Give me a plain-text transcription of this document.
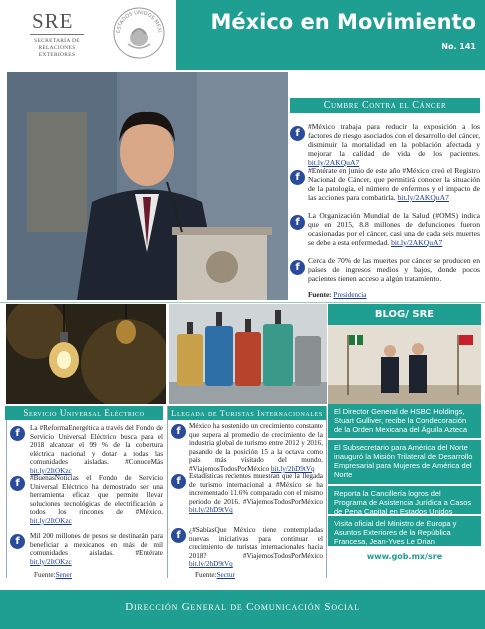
SRE
SECRETARÍA DE RELACIONES EXTERIORES
ESTADOS UNIDOS MEXI	México en Movimiento
No. 141
Cumbre Contra el Cáncer
f
#México trabaja para reducir la exposición a los factores de riesgo asociados con el desarrollo del cáncer, disminuir la mortalidad en la población afectada y mejorar la calidad de vida de los pacientes. bit.ly/2AKQuA7
f
#Entérate en junio de este año #México creó el Registro Nacional de Cáncer, que permitirá conocer la situación de la patología, el número de enfermos y el impacto de las acciones para combatirla. bit.ly/2AKQuA7
f
La Organización Mundial de la Salud (#OMS) indica que en 2015, 8.8 millones de defunciones fueron ocasionadas por el cáncer, casi una de cada seis muertes se debe a esta enfermedad. bit.ly/2AKQuA7
f
Cerca de 70% de las muertes por cáncer se producen en países de ingresos medios y bajos, donde pocos pacientes tienen acceso a algún tratamiento.
Fuente: Presidencia
BLOG/ SRE
El Director General de HSBC Holdings, Stuart Gulliver, recibe la Condecoración de la Orden Mexicana del Águila Azteca
El Subsecretario para América del Norte inauguró la Misión Trilateral de Desarrollo Empresarial para Mujeres de América del Norte
Reporta la Cancillería logros del Programa de Asistencia Jurídica a Casos de Pena Capital en Estados Unidos
Visita oficial del Ministro de Europa y Asuntos Exteriores de la República Francesa, Jean-Yves Le Drian
www.gob.mx/sre
Servicio Universal Eléctrico
f	La #ReformaEnergética a través del Fondo de Servicio Universal Eléctrico busca para el 2018 alcanzar el 99 % de la cobertura eléctrica nacional y dotar a todas las comunidades aisladas. #ConoceMás bit.ly/2ItOKzc
f	#BuenasNoticias el Fondo de Servicio Universal Eléctrico ha demostrado ser una herramienta eficaz que permite llevar soluciones tecnológicas de electrificación a todos los rincones de #México. bit.ly/2ItOKzc
f	Mil 200 millones de pesos se destinarán para beneficiar a mexicanos en más de mil comunidades aisladas. #Entérate bit.ly/2ItOKzc
Fuente:Sener
Llegada de Turistas Internacionales
f	México ha sostenido un crecimiento constante que supera al promedio de crecimiento de la industria global de turismo entre 2012 y 2016, pasando de la posición 15 a la octava como país más visitado del mundo. #ViajemosTodosPorMéxico bit.ly/2hD9tVq
f	Estadísticas recientes muestran que la llegada de turismo internacional a #México se ha incrementado 11.6% comparado con el mismo periodo de 2016. #ViajemosTodosPorMéxico bit.ly/2hD9tVq
f	¿#SabíasQue México tiene contempladas nuevas iniciativas para continuar el crecimiento de turistas internacionales hacia 2018? #ViajemosTodosPorMéxico bit.ly/2hD9tVq
Fuente:Sectur
Dirección General de Comunicación Social
